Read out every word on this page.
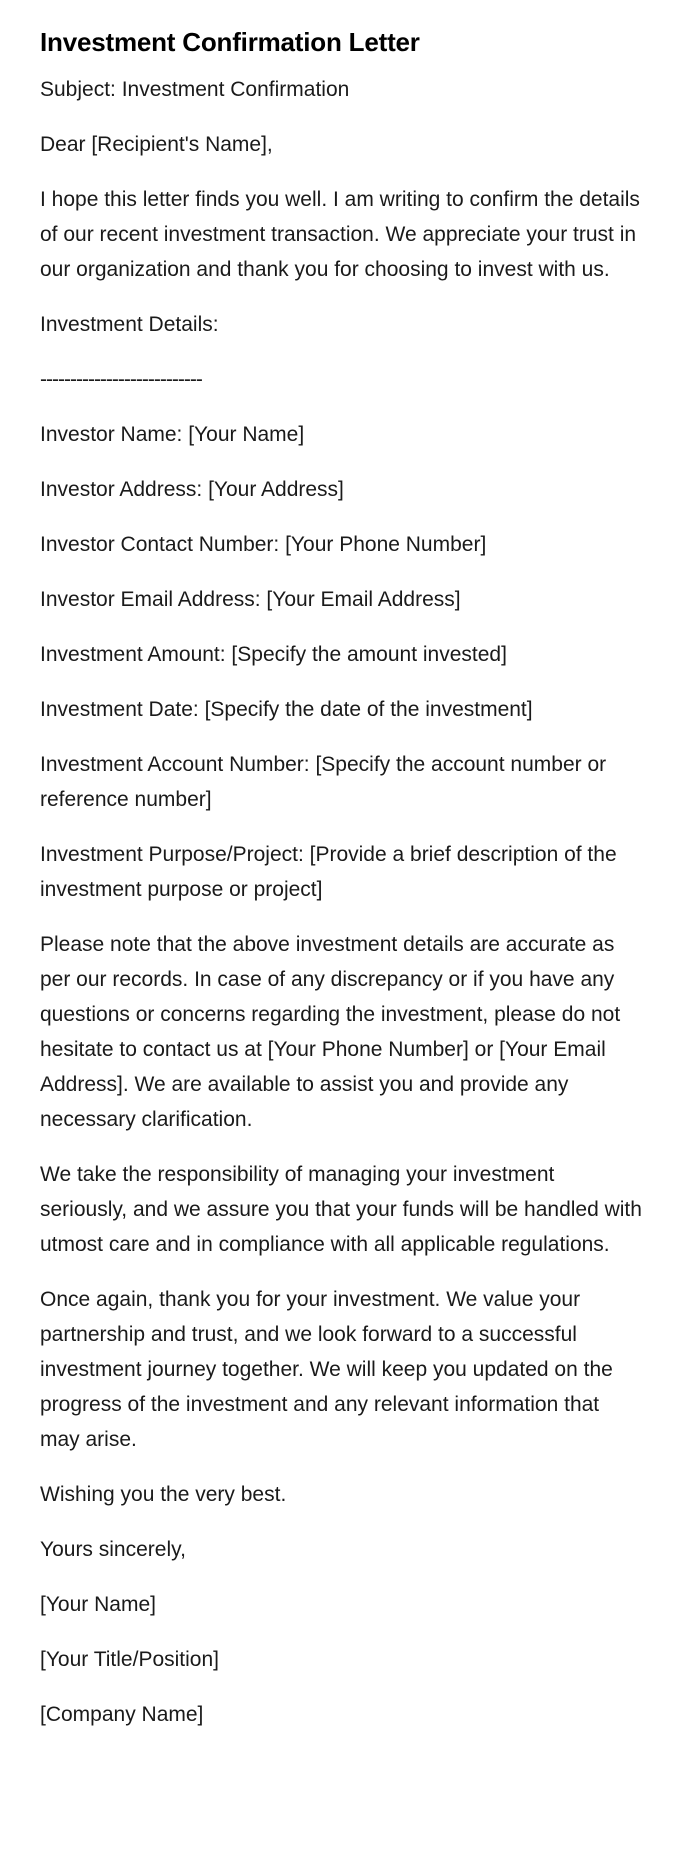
Investment Confirmation Letter

Subject: Investment Confirmation

Dear [Recipient's Name],

I hope this letter finds you well. I am writing to confirm the details of our recent investment transaction. We appreciate your trust in our organization and thank you for choosing to invest with us.

Investment Details:

---------------------------

Investor Name: [Your Name]

Investor Address: [Your Address]

Investor Contact Number: [Your Phone Number]

Investor Email Address: [Your Email Address]

Investment Amount: [Specify the amount invested]

Investment Date: [Specify the date of the investment]

Investment Account Number: [Specify the account number or reference number]

Investment Purpose/Project: [Provide a brief description of the investment purpose or project]

Please note that the above investment details are accurate as per our records. In case of any discrepancy or if you have any questions or concerns regarding the investment, please do not hesitate to contact us at [Your Phone Number] or [Your Email Address]. We are available to assist you and provide any necessary clarification.

We take the responsibility of managing your investment seriously, and we assure you that your funds will be handled with utmost care and in compliance with all applicable regulations.

Once again, thank you for your investment. We value your partnership and trust, and we look forward to a successful investment journey together. We will keep you updated on the progress of the investment and any relevant information that may arise.

Wishing you the very best.

Yours sincerely,

[Your Name]

[Your Title/Position]

[Company Name]
